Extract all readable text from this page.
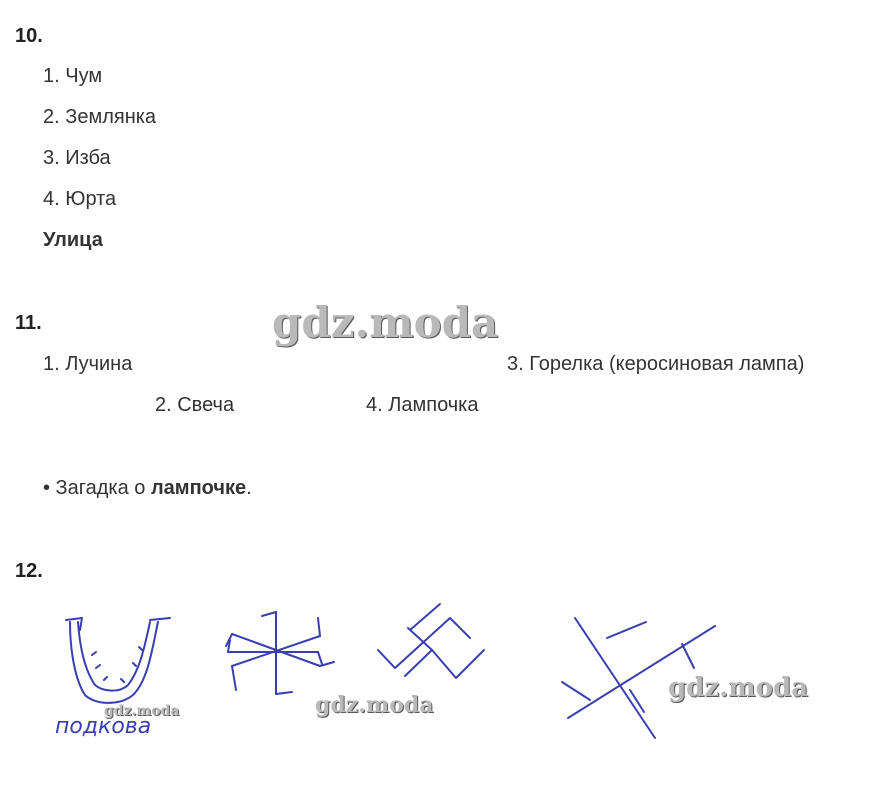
10.
1. Чум
2. Землянка
3. Изба
4. Юрта
Улица
11.	gdz.moda
1. Лучина	3. Горелка (керосиновая лампа)
2. Свеча	4. Лампочка
• Загадка о лампочке.
12.
подкова
gdz.moda	gdz.moda
gdz.moda
